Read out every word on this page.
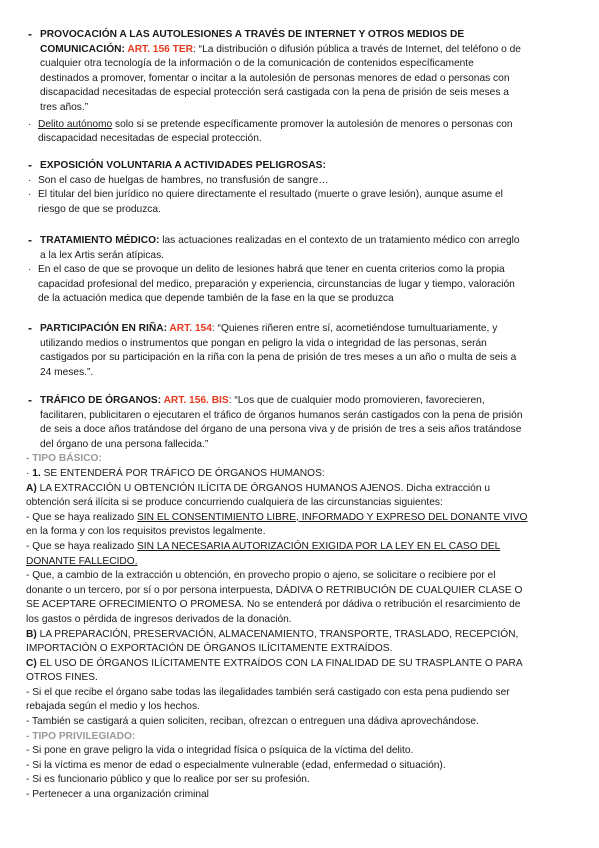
- PROVOCACIÓN A LAS AUTOLESIONES A TRAVÉS DE INTERNET Y OTROS MEDIOS DE
COMUNICACIÓN: ART. 156 TER: “La distribución o difusión pública a través de Internet, del teléfono o de
cualquier otra tecnología de la información o de la comunicación de contenidos específicamente
destinados a promover, fomentar o incitar a la autolesión de personas menores de edad o personas con
discapacidad necesitadas de especial protección será castigada con la pena de prisión de seis meses a
tres años.”
· Delito autónomo solo si se pretende específicamente promover la autolesión de menores o personas con
discapacidad necesitadas de especial protección.
- EXPOSICIÓN VOLUNTARIA A ACTIVIDADES PELIGROSAS:
· Son el caso de huelgas de hambres, no transfusión de sangre…
· El titular del bien jurídico no quiere directamente el resultado (muerte o grave lesión), aunque asume el
riesgo de que se produzca.
- TRATAMIENTO MÉDICO: las actuaciones realizadas en el contexto de un tratamiento médico con arreglo
a la lex Artis serán atípicas.
· En el caso de que se provoque un delito de lesiones habrá que tener en cuenta criterios como la propia
capacidad profesional del medico, preparación y experiencia, circunstancias de lugar y tiempo, valoración
de la actuación medica que depende también de la fase en la que se produzca
- PARTICIPACIÓN EN RIÑA: ART. 154: “Quienes riñeren entre sí, acometiéndose tumultuariamente, y
utilizando medios o instrumentos que pongan en peligro la vida o integridad de las personas, serán
castigados por su participación en la riña con la pena de prisión de tres meses a un año o multa de seis a
24 meses.”.
- TRÁFICO DE ÓRGANOS: ART. 156. BIS: “Los que de cualquier modo promovieren, favorecieren,
facilitaren, publicitaren o ejecutaren el tráfico de órganos humanos serán castigados con la pena de prisión
de seis a doce años tratándose del órgano de una persona viva y de prisión de tres a seis años tratándose
del órgano de una persona fallecida.”
- TIPO BÁSICO:
· 1. SE ENTENDERÁ POR TRÁFICO DE ÓRGANOS HUMANOS:
A) LA EXTRACCIÓN U OBTENCIÓN ILÍCITA DE ÓRGANOS HUMANOS AJENOS. Dicha extracción u
obtención será ilícita si se produce concurriendo cualquiera de las circunstancias siguientes:
- Que se haya realizado SIN EL CONSENTIMIENTO LIBRE, INFORMADO Y EXPRESO DEL DONANTE VIVO
en la forma y con los requisitos previstos legalmente.
- Que se haya realizado SIN LA NECESARIA AUTORIZACIÓN EXIGIDA POR LA LEY EN EL CASO DEL
DONANTE FALLECIDO.
- Que, a cambio de la extracción u obtención, en provecho propio o ajeno, se solicitare o recibiere por el
donante o un tercero, por sí o por persona interpuesta, DÁDIVA O RETRIBUCIÓN DE CUALQUIER CLASE O
SE ACEPTARE OFRECIMIENTO O PROMESA. No se entenderá por dádiva o retribución el resarcimiento de
los gastos o pérdida de ingresos derivados de la donación.
B) LA PREPARACIÓN, PRESERVACIÓN, ALMACENAMIENTO, TRANSPORTE, TRASLADO, RECEPCIÓN,
IMPORTACIÓN O EXPORTACIÓN DE ÓRGANOS ILÍCITAMENTE EXTRAÍDOS.
C) EL USO DE ÓRGANOS ILÍCITAMENTE EXTRAÍDOS CON LA FINALIDAD DE SU TRASPLANTE O PARA
OTROS FINES.
- Si el que recibe el órgano sabe todas las ilegalidades también será castigado con esta pena pudiendo ser
rebajada según el medio y los hechos.
- También se castigará a quien soliciten, reciban, ofrezcan o entreguen una dádiva aprovechándose.
- TIPO PRIVILEGIADO:
- Si pone en grave peligro la vida o integridad física o psíquica de la víctima del delito.
- Si la víctima es menor de edad o especialmente vulnerable (edad, enfermedad o situación).
- Si es funcionario público y que lo realice por ser su profesión.
- Pertenecer a una organización criminal
